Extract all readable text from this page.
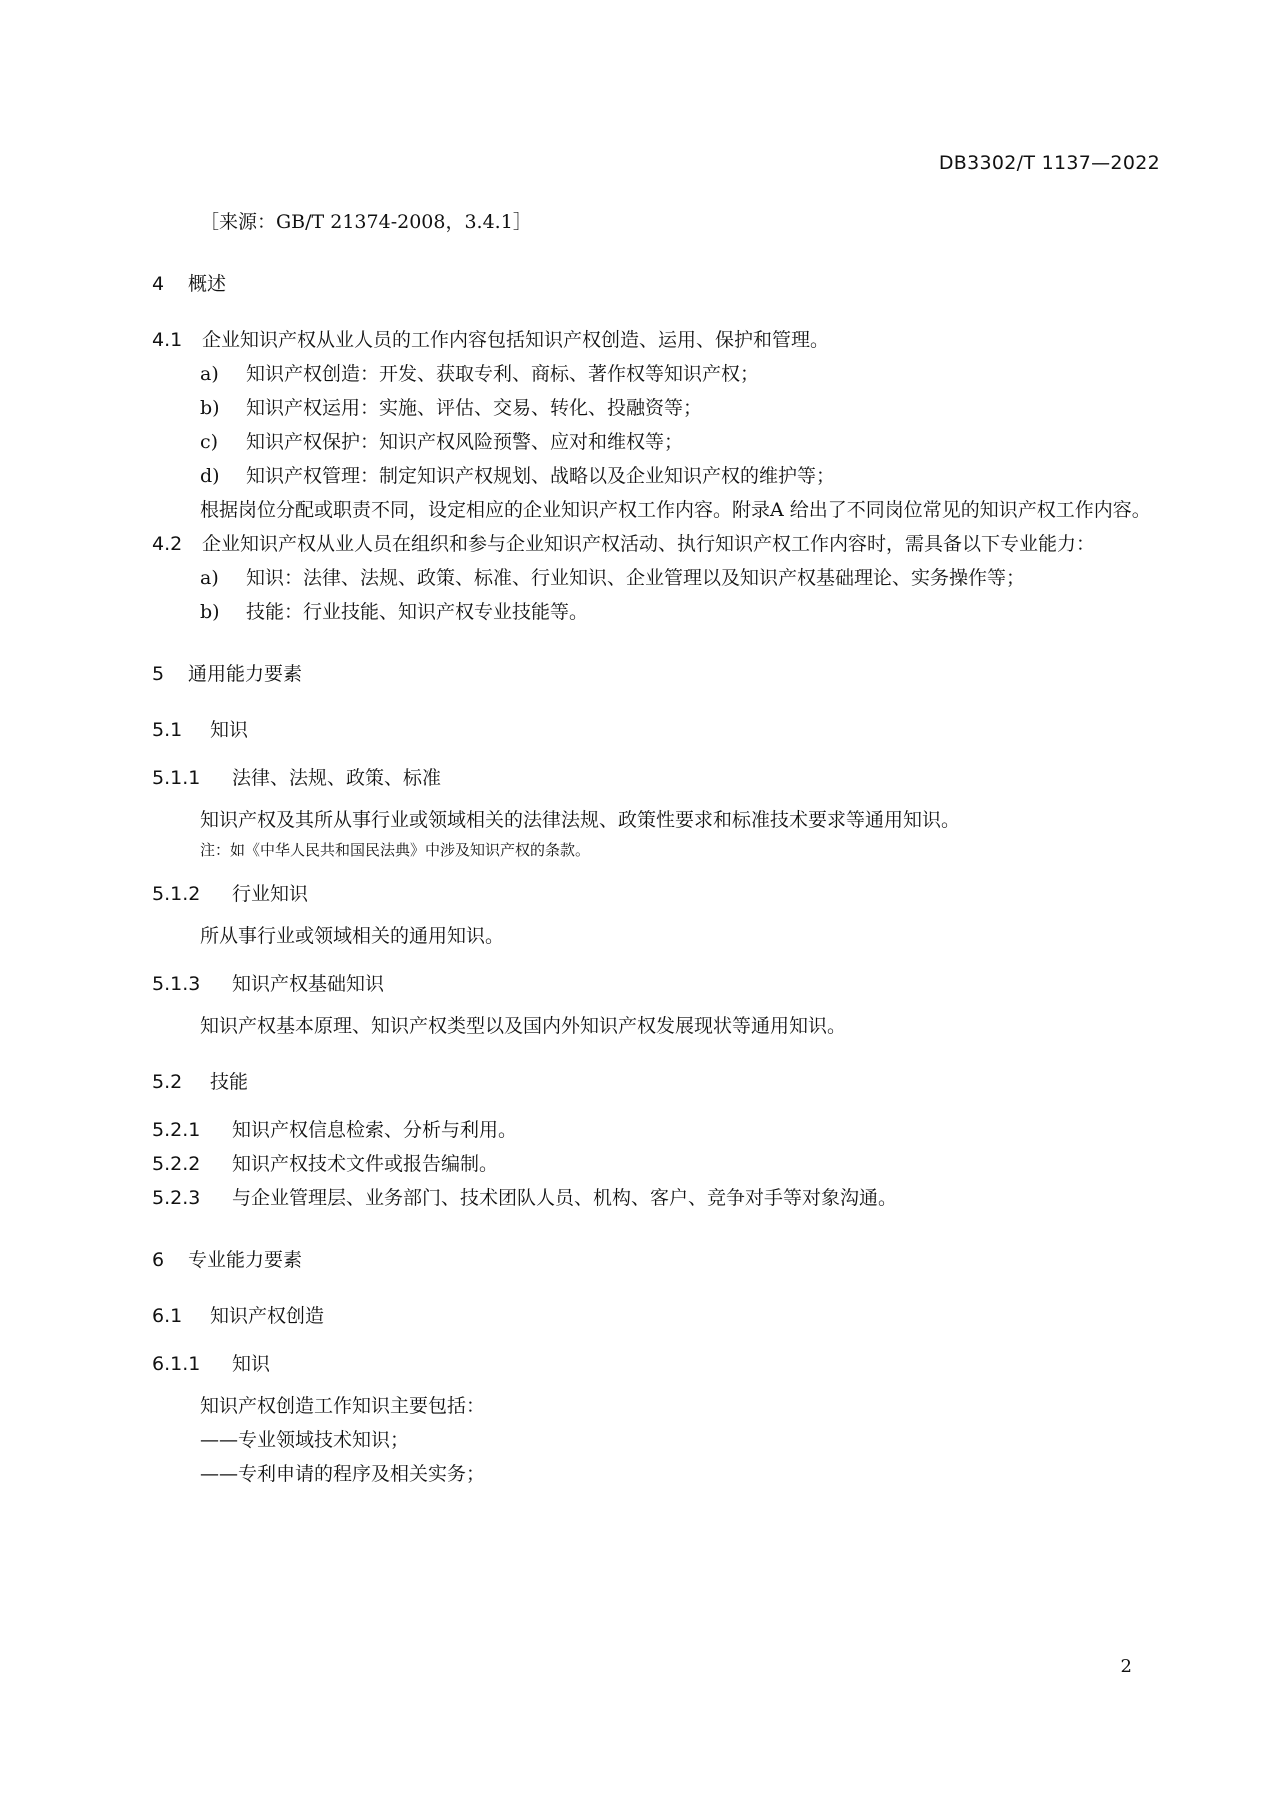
DB3302/T 1137—2022
［来源：GB/T 21374-2008，3.4.1］
4 概述
4.1 企业知识产权从业人员的工作内容包括知识产权创造、运用、保护和管理。
a) 知识产权创造：开发、获取专利、商标、著作权等知识产权；
b) 知识产权运用：实施、评估、交易、转化、投融资等；
c) 知识产权保护：知识产权风险预警、应对和维权等；
d) 知识产权管理：制定知识产权规划、战略以及企业知识产权的维护等；
根据岗位分配或职责不同，设定相应的企业知识产权工作内容。附录A 给出了不同岗位常见的知识产权工作内容。
4.2 企业知识产权从业人员在组织和参与企业知识产权活动、执行知识产权工作内容时，需具备以下专业能力：
a) 知识：法律、法规、政策、标准、行业知识、企业管理以及知识产权基础理论、实务操作等；
b) 技能：行业技能、知识产权专业技能等。
5 通用能力要素
5.1 知识
5.1.1 法律、法规、政策、标准
知识产权及其所从事行业或领域相关的法律法规、政策性要求和标准技术要求等通用知识。
注：如《中华人民共和国民法典》中涉及知识产权的条款。
5.1.2 行业知识
所从事行业或领域相关的通用知识。
5.1.3 知识产权基础知识
知识产权基本原理、知识产权类型以及国内外知识产权发展现状等通用知识。
5.2 技能
5.2.1 知识产权信息检索、分析与利用。
5.2.2 知识产权技术文件或报告编制。
5.2.3 与企业管理层、业务部门、技术团队人员、机构、客户、竞争对手等对象沟通。
6 专业能力要素
6.1 知识产权创造
6.1.1 知识
知识产权创造工作知识主要包括：
——专业领域技术知识；
——专利申请的程序及相关实务；
2
